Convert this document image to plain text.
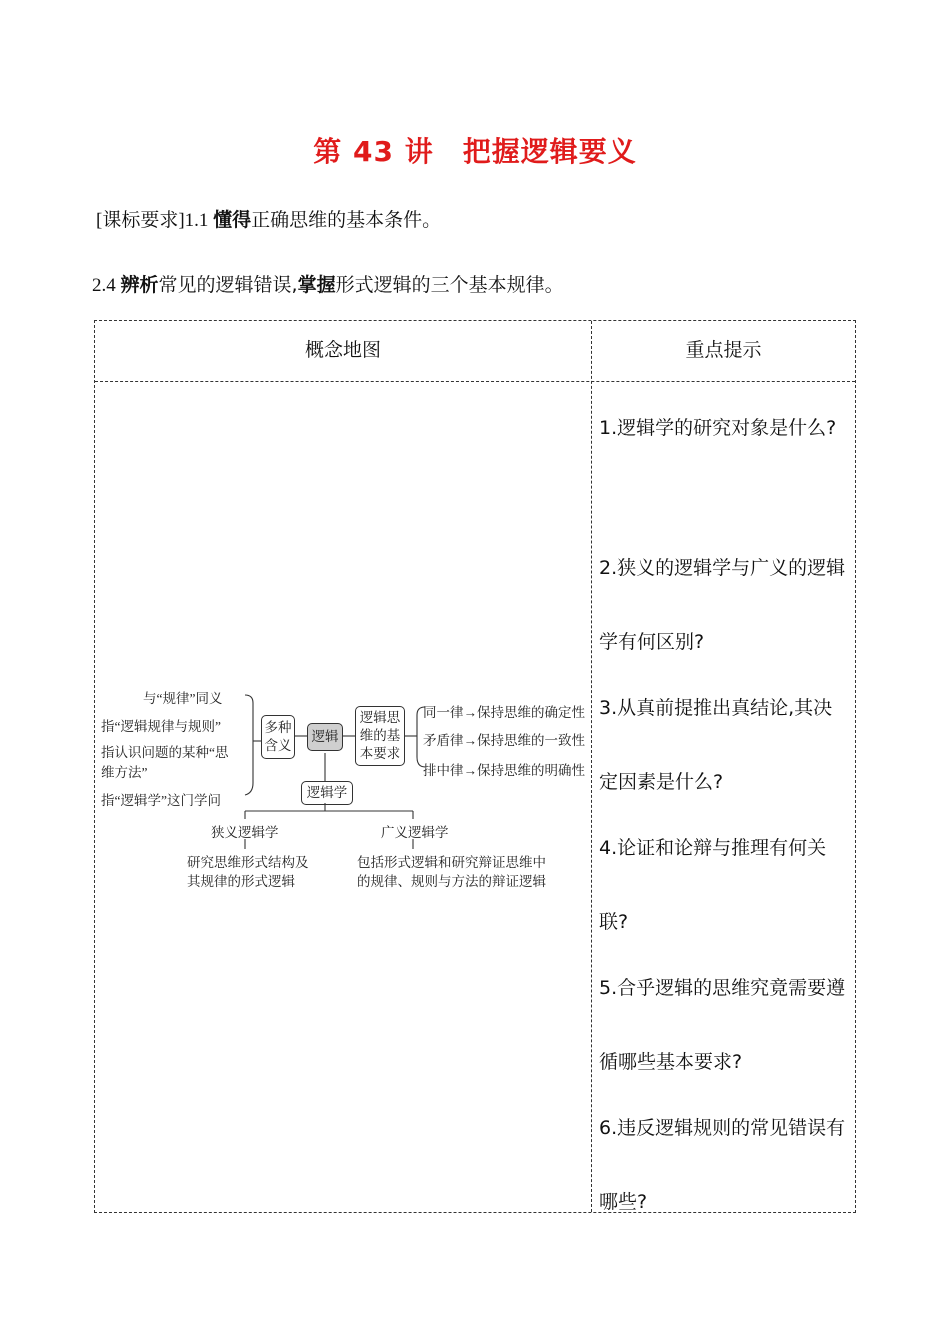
第 43 讲　把握逻辑要义
[课标要求]1.1 懂得正确思维的基本条件。
2.4 辨析常见的逻辑错误,掌握形式逻辑的三个基本规律。
概念地图	重点提示
与“规律”同义
指“逻辑规律与规则”
指认识问题的某种“思
维方法”
指“逻辑学”这门学问
多种
含义
逻辑
逻辑思
维的基
本要求
同一律→保持思维的确定性
矛盾律→保持思维的一致性
排中律→保持思维的明确性
逻辑学
狭义逻辑学
研究思维形式结构及
其规律的形式逻辑
广义逻辑学
包括形式逻辑和研究辩证思维中
的规律、规则与方法的辩证逻辑
1.逻辑学的研究对象是什么?
2.狭义的逻辑学与广义的逻辑学有何区别?
3.从真前提推出真结论,其决定因素是什么?
4.论证和论辩与推理有何关联?
5.合乎逻辑的思维究竟需要遵循哪些基本要求?
6.违反逻辑规则的常见错误有哪些?
